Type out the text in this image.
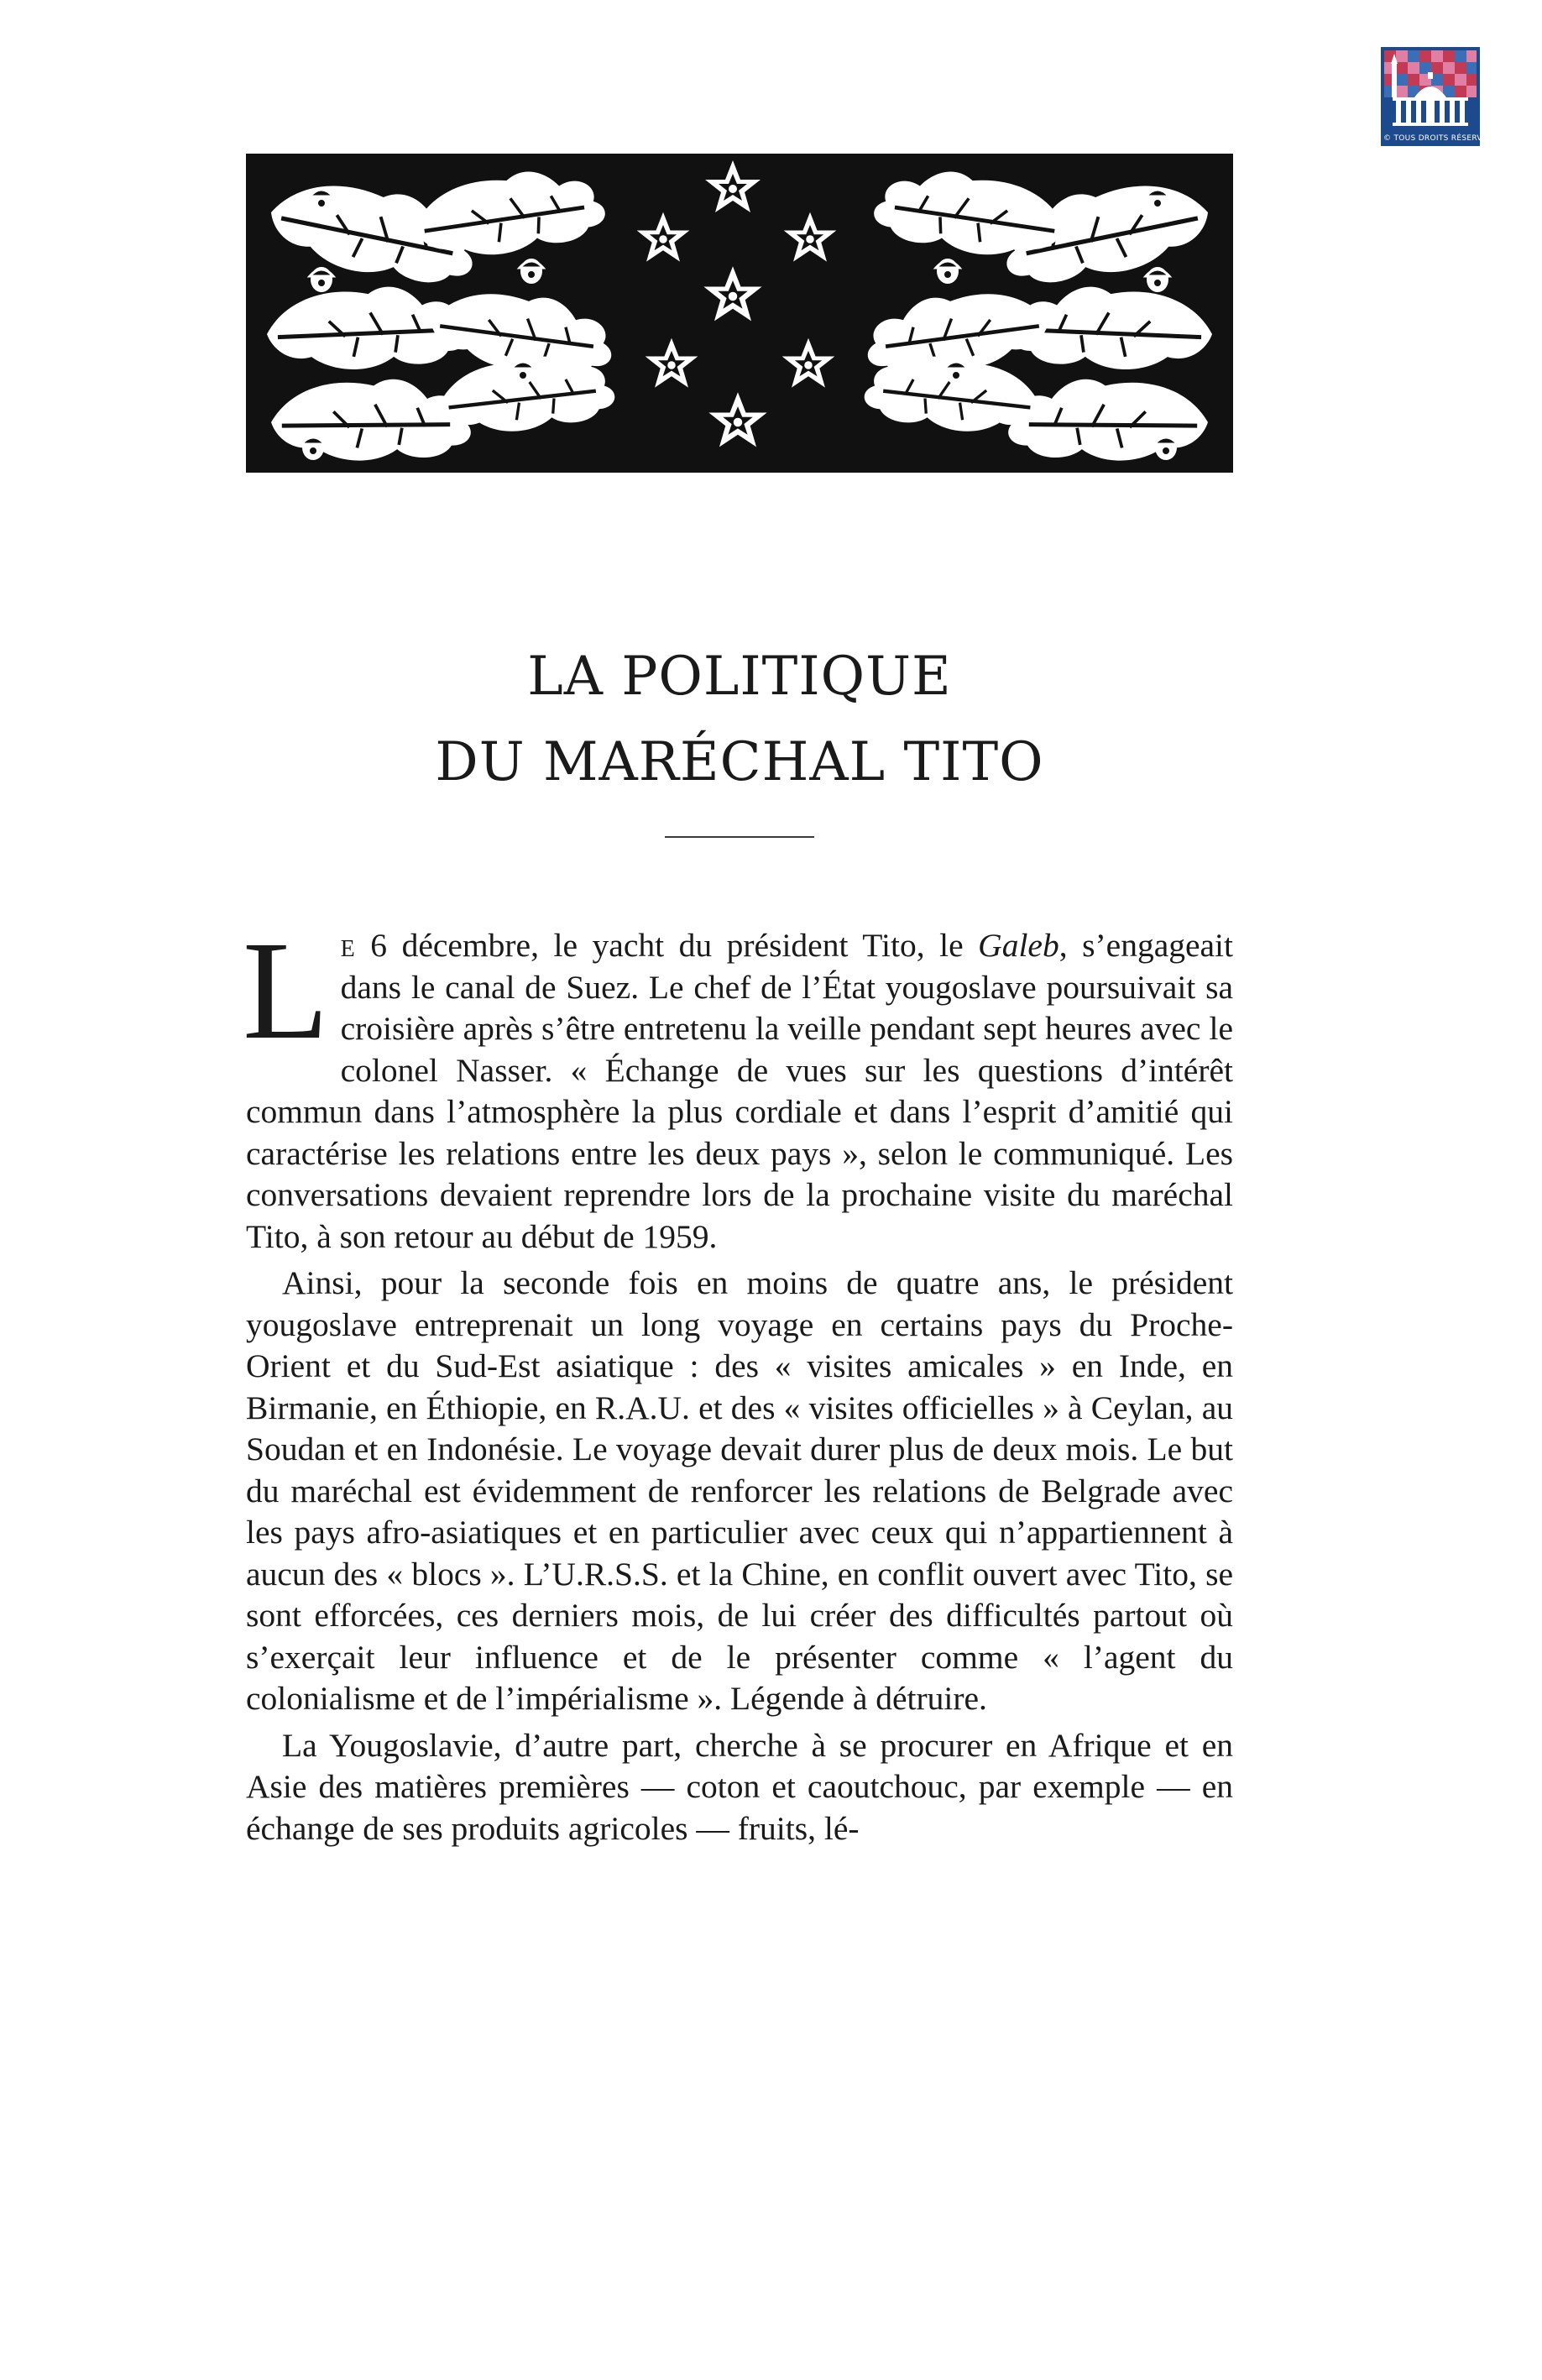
© TOUS DROITS RÉSERVÉS
LA POLITIQUE
DU MARÉCHAL TITO

Le 6 décembre, le yacht du président Tito, le Galeb, s’engageait dans le canal de Suez. Le chef de l’État yougoslave poursuivait sa croisière après s’être entretenu la veille pendant sept heures avec le colonel Nasser. « Échange de vues sur les questions d’intérêt commun dans l’atmosphère la plus cordiale et dans l’esprit d’amitié qui caractérise les relations entre les deux pays », selon le communiqué. Les conversations devaient reprendre lors de la prochaine visite du maréchal Tito, à son retour au début de 1959.

Ainsi, pour la seconde fois en moins de quatre ans, le président yougoslave entreprenait un long voyage en certains pays du Proche-Orient et du Sud-Est asiatique : des « visites amicales » en Inde, en Birmanie, en Éthiopie, en R.A.U. et des « visites officielles » à Ceylan, au Soudan et en Indonésie. Le voyage devait durer plus de deux mois. Le but du maréchal est évidemment de renforcer les relations de Belgrade avec les pays afro-asiatiques et en particulier avec ceux qui n’appartiennent à aucun des « blocs ». L’U.R.S.S. et la Chine, en conflit ouvert avec Tito, se sont efforcées, ces derniers mois, de lui créer des difficultés partout où s’exerçait leur influence et de le présenter comme « l’agent du colonialisme et de l’impérialisme ». Légende à détruire.

La Yougoslavie, d’autre part, cherche à se procurer en Afrique et en Asie des matières premières — coton et caoutchouc, par exemple — en échange de ses produits agricoles — fruits, lé-
